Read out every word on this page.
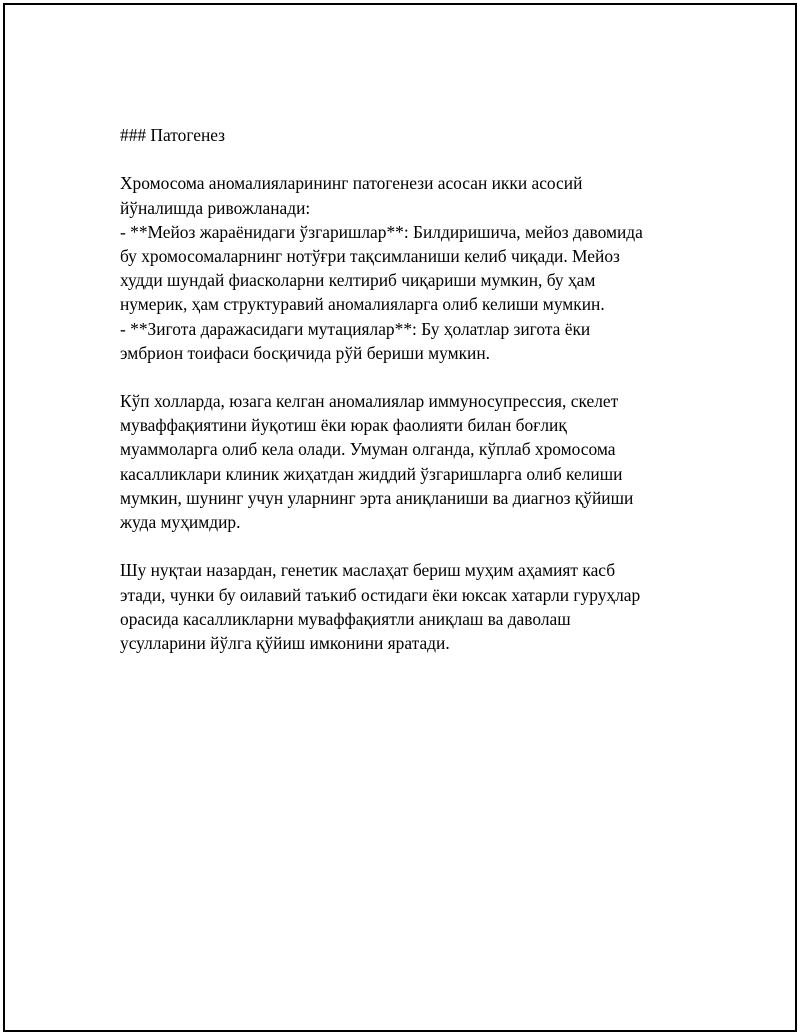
### Патогенез
Хромосома аномалияларининг патогенези асосан икки асосий
йўналишда ривожланади:
- **Мейоз жараёнидаги ўзгаришлар**: Билдиришича, мейоз давомида
бу хромосомаларнинг нотўғри тақсимланиши келиб чиқади. Мейоз
худди шундай фиасколарни келтириб чиқариши мумкин, бу ҳам
нумерик, ҳам структуравий аномалияларга олиб келиши мумкин.
- **Зигота даражасидаги мутациялар**: Бу ҳолатлар зигота ёки
эмбрион тоифаси босқичида рўй бериши мумкин.
Кўп холларда, юзага келган аномалиялар иммуносупрессия, скелет
муваффақиятини йуқотиш ёки юрак фаолияти билан боғлиқ
муаммоларга олиб кела олади. Умуман олганда, кўплаб хромосома
касалликлари клиник жиҳатдан жиддий ўзгаришларга олиб келиши
мумкин, шунинг учун уларнинг эрта аниқланиши ва диагноз қўйиши
жуда муҳимдир.
Шу нуқтаи назардан, генетик маслаҳат бериш муҳим аҳамият касб
этади, чунки бу оилавий таъкиб остидаги ёки юксак хатарли гуруҳлар
орасида касалликларни муваффақиятли аниқлаш ва даволаш
усулларини йўлга қўйиш имконини яратади.
